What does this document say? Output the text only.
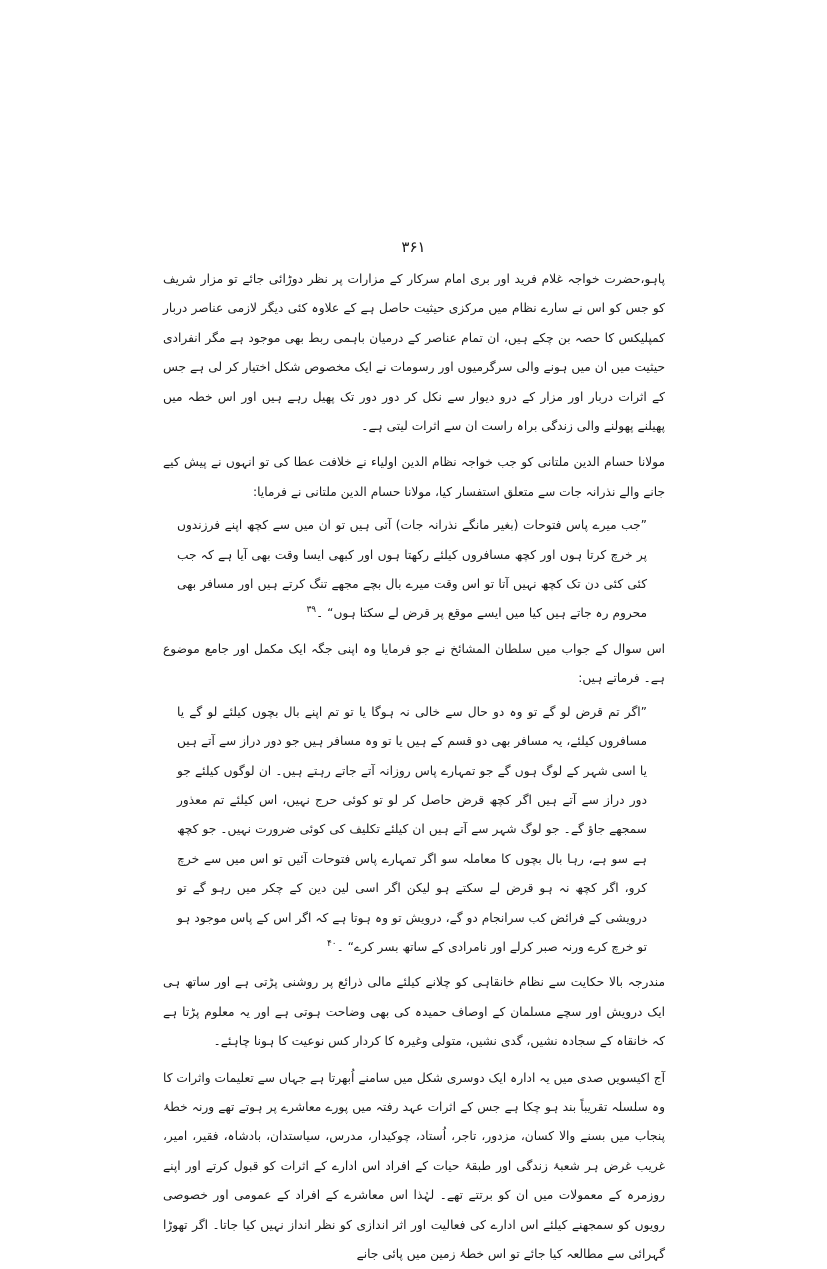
۳۶۱

پاہو،حضرت خواجہ غلام فرید اور بری امام سرکار کے مزارات پر نظر دوڑائی جائے تو مزار شریف کو جس کو اس نے سارے نظام میں مرکزی حیثیت حاصل ہے کے علاوہ کئی دیگر لازمی عناصر دربار کمپلیکس کا حصہ بن چکے ہیں، ان تمام عناصر کے درمیان باہمی ربط بھی موجود ہے مگر انفرادی حیثیت میں ان میں ہونے والی سرگرمیوں اور رسومات نے ایک مخصوص شکل اختیار کر لی ہے جس کے اثرات دربار اور مزار کے درو دیوار سے نکل کر دور دور تک پھیل رہے ہیں اور اس خطہ میں پھیلنے پھولنے والی زندگی براہ راست ان سے اثرات لیتی ہے۔

مولانا حسام الدین ملتانی کو جب خواجہ نظام الدین اولیاء نے خلافت عطا کی تو انہوں نے پیش کیے جانے والے نذرانہ جات سے متعلق استفسار کیا، مولانا حسام الدین ملتانی نے فرمایا:

”جب میرے پاس فتوحات (بغیر مانگے نذرانہ جات) آتی ہیں تو ان میں سے کچھ اپنے فرزندوں پر خرچ کرتا ہوں اور کچھ مسافروں کیلئے رکھتا ہوں اور کبھی ایسا وقت بھی آیا ہے کہ جب کئی کئی دن تک کچھ نہیں آتا تو اس وقت میرے بال بچے مجھے تنگ کرتے ہیں اور مسافر بھی محروم رہ جاتے ہیں کیا میں ایسے موقع پر قرض لے سکتا ہوں“ ۔$^{۳۹}$

اس سوال کے جواب میں سلطان المشائخ نے جو فرمایا وہ اپنی جگہ ایک مکمل اور جامع موضوع ہے۔ فرماتے ہیں:

”اگر تم قرض لو گے تو وہ دو حال سے خالی نہ ہوگا یا تو تم اپنے بال بچوں کیلئے لو گے یا مسافروں کیلئے، یہ مسافر بھی دو قسم کے ہیں یا تو وہ مسافر ہیں جو دور دراز سے آتے ہیں یا اسی شہر کے لوگ ہوں گے جو تمہارے پاس روزانہ آتے جاتے رہتے ہیں۔ ان لوگوں کیلئے جو دور دراز سے آتے ہیں اگر کچھ قرض حاصل کر لو تو کوئی حرج نہیں، اس کیلئے تم معذور سمجھے جاؤ گے۔ جو لوگ شہر سے آتے ہیں ان کیلئے تکلیف کی کوئی ضرورت نہیں۔ جو کچھ ہے سو ہے، رہا بال بچوں کا معاملہ سو اگر تمہارے پاس فتوحات آئیں تو اس میں سے خرچ کرو، اگر کچھ نہ ہو قرض لے سکتے ہو لیکن اگر اسی لین دین کے چکر میں رہو گے تو درویشی کے فرائض کب سرانجام دو گے، درویش تو وہ ہوتا ہے کہ اگر اس کے پاس موجود ہو تو خرچ کرے ورنہ صبر کرلے اور نامرادی کے ساتھ بسر کرے“ ۔$^{۴۰}$

مندرجہ بالا حکایت سے نظام خانقاہی کو چلانے کیلئے مالی ذرائع پر روشنی پڑتی ہے اور ساتھ ہی ایک درویش اور سچے مسلمان کے اوصاف حمیدہ کی بھی وضاحت ہوتی ہے اور یہ معلوم پڑتا ہے کہ خانقاہ کے سجادہ نشیں، گدی نشیں، متولی وغیرہ کا کردار کس نوعیت کا ہونا چاہئے۔

آج اکیسویں صدی میں یہ ادارہ ایک دوسری شکل میں سامنے اُبھرتا ہے جہاں سے تعلیمات واثرات کا وہ سلسلہ تقریباً بند ہو چکا ہے جس کے اثرات عہد رفتہ میں پورے معاشرے پر ہوتے تھے ورنہ خطۂ پنجاب میں بسنے والا کسان، مزدور، تاجر، اُستاد، چوکیدار، مدرس، سیاستدان، بادشاہ، فقیر، امیر، غریب غرض ہر شعبۂ زندگی اور طبقۂ حیات کے افراد اس ادارے کے اثرات کو قبول کرتے اور اپنے روزمرہ کے معمولات میں ان کو برتتے تھے۔ لہٰذا اس معاشرے کے افراد کے عمومی اور خصوصی رویوں کو سمجھنے کیلئے اس ادارے کی فعالیت اور اثر اندازی کو نظر انداز نہیں کیا جاتا۔ اگر تھوڑا گہرائی سے مطالعہ کیا جائے تو اس خطۂ زمین میں پائی جانے
